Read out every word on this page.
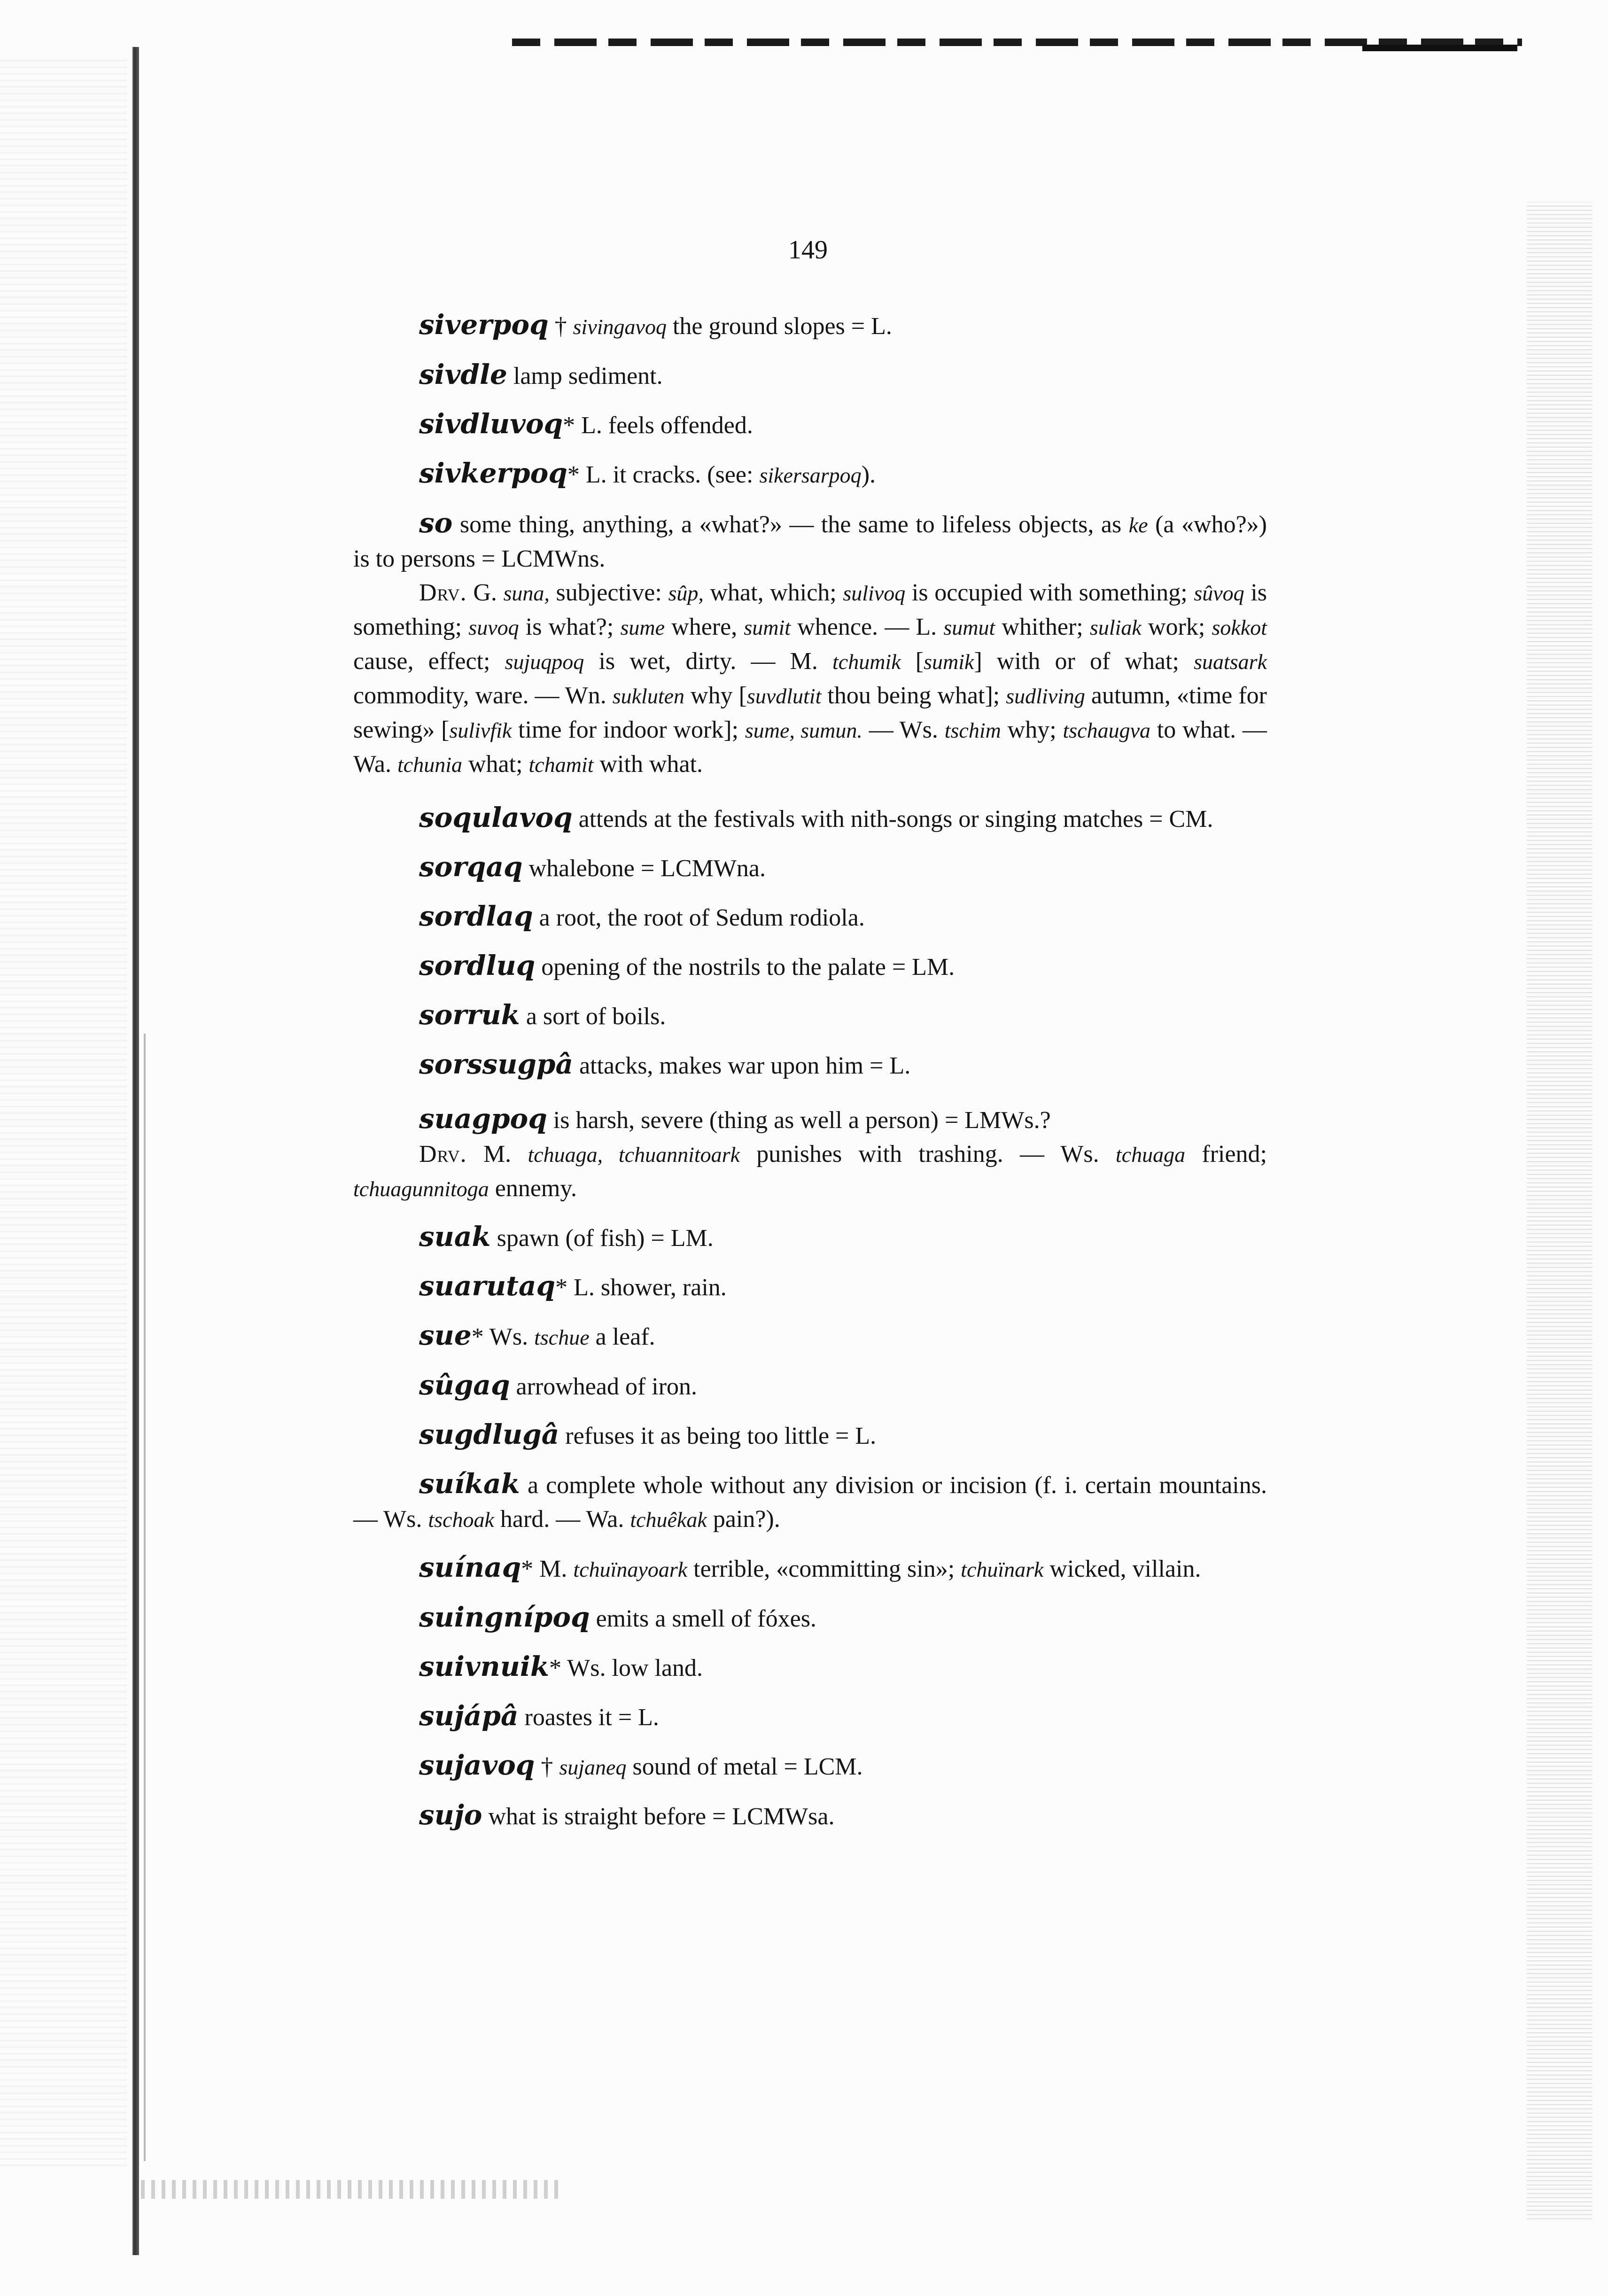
149

siverpoq † sivingavoq the ground slopes = L.

sivdle lamp sediment.

sivdluvoq* L. feels offended.

sivkerpoq* L. it cracks. (see: sikersarpoq).

so some thing, anything, a «what?» — the same to lifeless objects, as ke (a «who?») is to persons = LCMWns.

Drv. G. suna, subjective: sûp, what, which; sulivoq is occupied with something; sûvoq is something; suvoq is what?; sume where, sumit whence. — L. sumut whither; suliak work; sokkot cause, effect; sujuqpoq is wet, dirty. — M. tchumik [sumik] with or of what; suatsark commodity, ware. — Wn. sukluten why [suvdlutit thou being what]; sudliving autumn, «time for sewing» [sulivfik time for indoor work]; sume, sumun. — Ws. tschim why; tschaugva to what. — Wa. tchunia what; tchamit with what.

soqulavoq attends at the festivals with nith-songs or singing matches = CM.

sorqaq whalebone = LCMWna.

sordlaq a root, the root of Sedum rodiola.

sordluq opening of the nostrils to the palate = LM.

sorruk a sort of boils.

sorssugpâ attacks, makes war upon him = L.

suagpoq is harsh, severe (thing as well a person) = LMWs.?

Drv. M. tchuaga, tchuannitoark punishes with trashing. — Ws. tchuaga friend; tchuagunnitoga ennemy.

suak spawn (of fish) = LM.

suarutaq* L. shower, rain.

sue* Ws. tschue a leaf.

sûgaq arrowhead of iron.

sugdlugâ refuses it as being too little = L.

suíkak a complete whole without any division or incision (f. i. certain mountains. — Ws. tschoak hard. — Wa. tchuêkak pain?).

suínaq* M. tchuïnayoark terrible, «committing sin»; tchuïnark wicked, villain.

suingnípoq emits a smell of fóxes.

suivnuik* Ws. low land.

sujápâ roastes it = L.

sujavoq † sujaneq sound of metal = LCM.

sujo what is straight before = LCMWsa.
